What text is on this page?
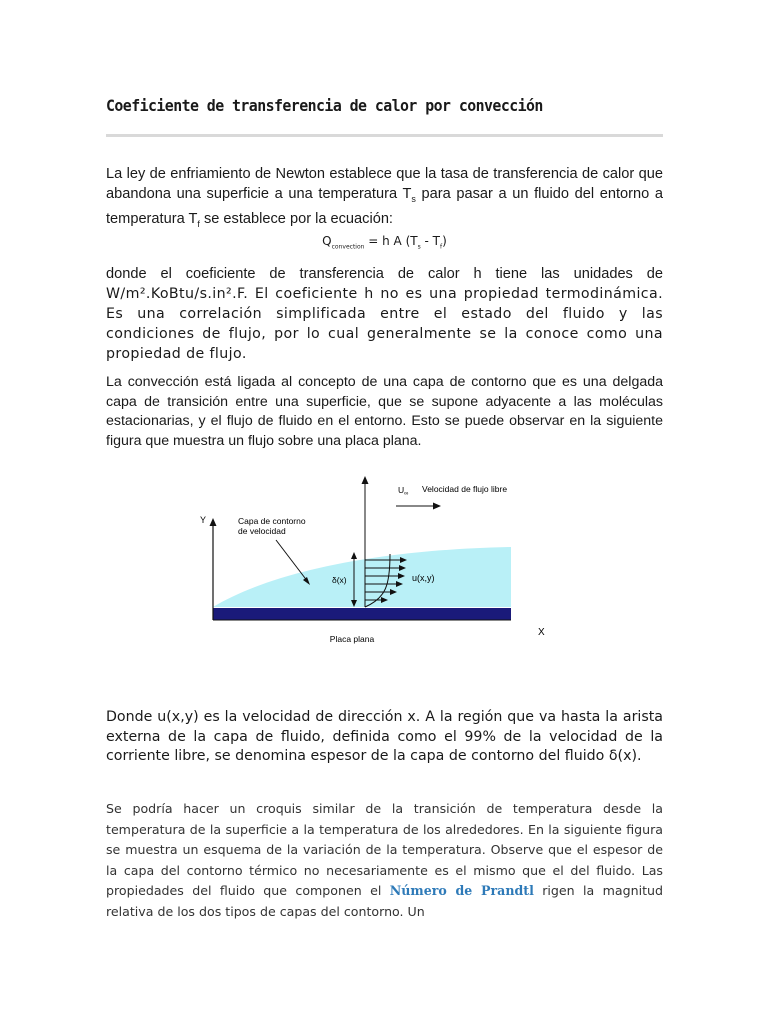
Coeficiente de transferencia de calor por convección

La ley de enfriamiento de Newton establece que la tasa de transferencia de calor que abandona una superficie a una temperatura $T_s$ para pasar a un fluido del entorno a temperatura $T_f$ se establece por la ecuación:

$Q_{convection} = h$ A $(T_s - T_f)$

donde el coeficiente de transferencia de calor h tiene las unidades de W/m².KoBtu/s.in².F. El coeficiente h no es una propiedad termodinámica. Es una correlación simplificada entre el estado del fluido y las condiciones de flujo, por lo cual generalmente se la conoce como una propiedad de flujo.

La convección está ligada al concepto de una capa de contorno que es una delgada capa de transición entre una superficie, que se supone adyacente a las moléculas estacionarias, y el flujo de fluido en el entorno. Esto se puede observar en la siguiente figura que muestra un flujo sobre una placa plana.

Y	Capa de contorno
de velocidad
$U_\infty$ Velocidad de flujo libre
δ(x)	u(x,y)
Placa plana
X

Donde u(x,y) es la velocidad de dirección x. A la región que va hasta la arista externa de la capa de fluido, definida como el 99% de la velocidad de la corriente libre, se denomina espesor de la capa de contorno del fluido δ(x).

Se podría hacer un croquis similar de la transición de temperatura desde la temperatura de la superficie a la temperatura de los alrededores. En la siguiente figura se muestra un esquema de la variación de la temperatura. Observe que el espesor de la capa del contorno térmico no necesariamente es el mismo que el del fluido. Las propiedades del fluido que componen el Número de Prandtl rigen la magnitud relativa de los dos tipos de capas del contorno. Un
